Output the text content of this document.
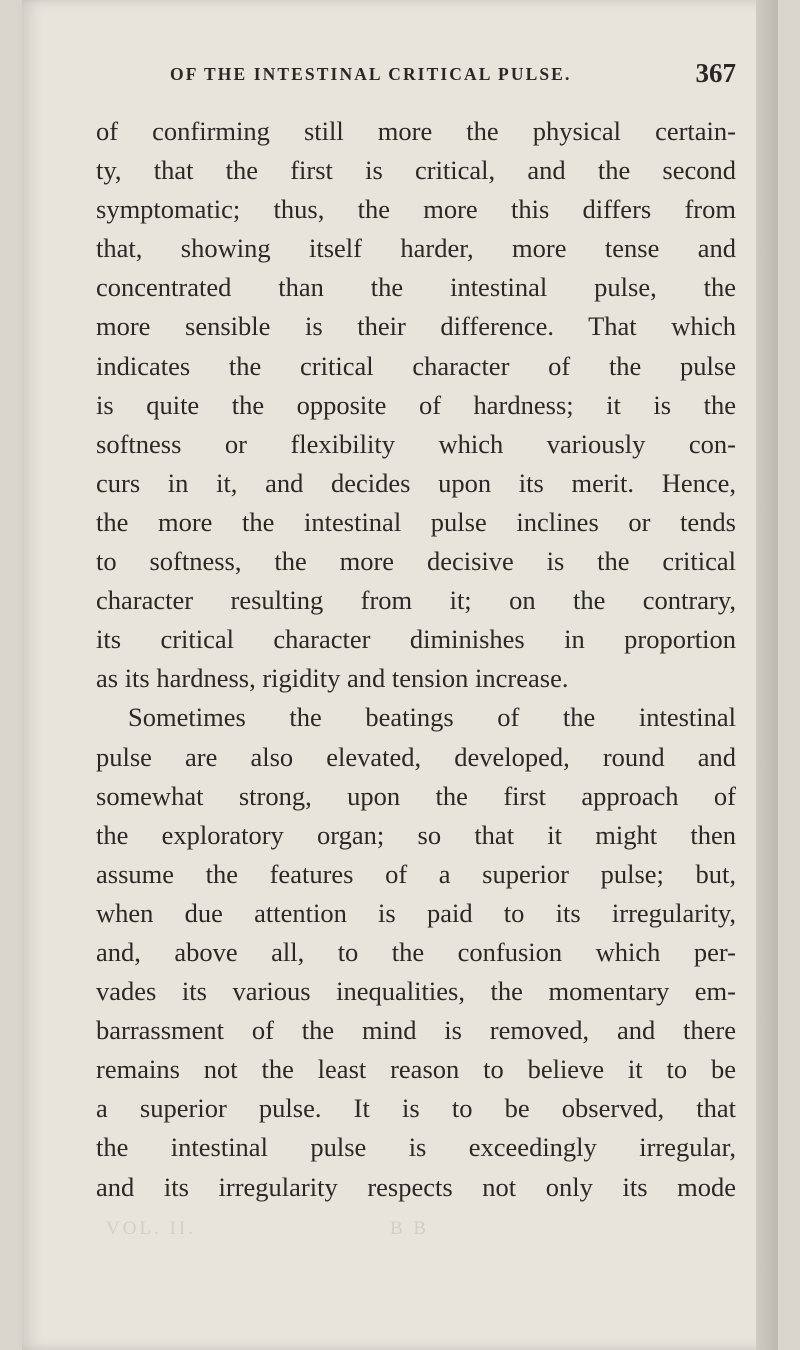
OF THE INTESTINAL CRITICAL PULSE.	367
of confirming still more the physical certain-
ty, that the first is critical, and the second
symptomatic; thus, the more this differs from
that, showing itself harder, more tense and
concentrated than the intestinal pulse, the
more sensible is their difference. That which
indicates the critical character of the pulse
is quite the opposite of hardness; it is the
softness or flexibility which variously con-
curs in it, and decides upon its merit. Hence,
the more the intestinal pulse inclines or tends
to softness, the more decisive is the critical
character resulting from it; on the contrary,
its critical character diminishes in proportion
as its hardness, rigidity and tension increase.
Sometimes the beatings of the intestinal
pulse are also elevated, developed, round and
somewhat strong, upon the first approach of
the exploratory organ; so that it might then
assume the features of a superior pulse; but,
when due attention is paid to its irregularity,
and, above all, to the confusion which per-
vades its various inequalities, the momentary em-
barrassment of the mind is removed, and there
remains not the least reason to believe it to be
a superior pulse. It is to be observed, that
the intestinal pulse is exceedingly irregular,
and its irregularity respects not only its mode
VOL. II.	B B
